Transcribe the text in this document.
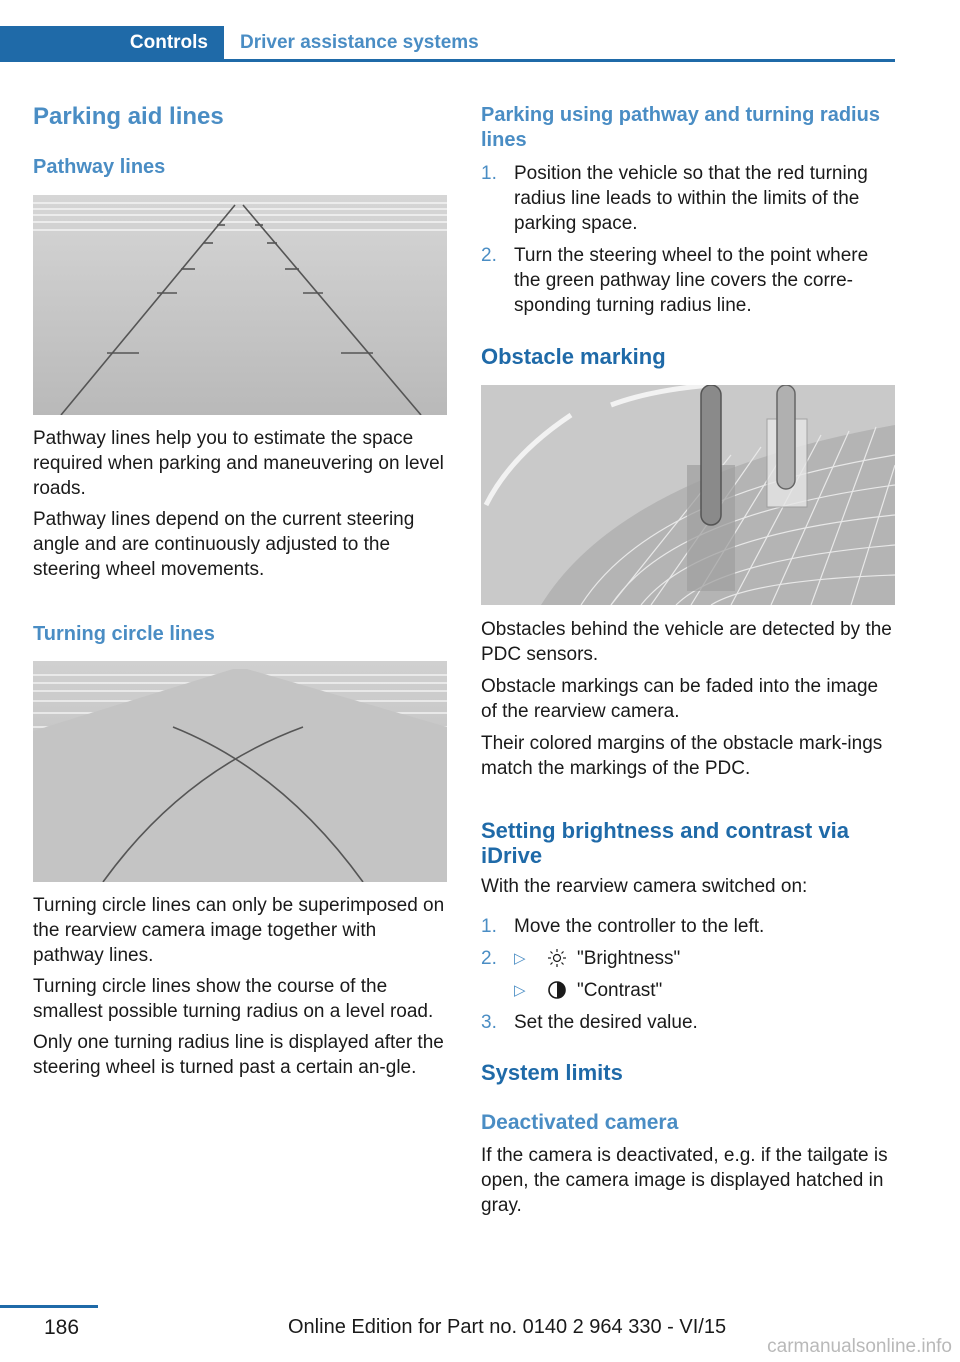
Controls	Driver assistance systems
Parking aid lines
Pathway lines

Pathway lines help you to estimate the space required when parking and maneuvering on level roads.

Pathway lines depend on the current steering angle and are continuously adjusted to the steering wheel movements.

Turning circle lines

Turning circle lines can only be superimposed on the rearview camera image together with pathway lines.

Turning circle lines show the course of the smallest possible turning radius on a level road.

Only one turning radius line is displayed after the steering wheel is turned past a certain an-gle.

Parking using pathway and turning radius lines
1. Position the vehicle so that the red turning radius line leads to within the limits of the parking space.
2. Turn the steering wheel to the point where the green pathway line covers the corre-sponding turning radius line.
Obstacle marking

Obstacles behind the vehicle are detected by the PDC sensors.

Obstacle markings can be faded into the image of the rearview camera.

Their colored margins of the obstacle mark-ings match the markings of the PDC.

Setting brightness and contrast via iDrive

With the rearview camera switched on:

1. Move the controller to the left.
2. ▷	"Brightness"
▷	"Contrast"
3. Set the desired value.
System limits
Deactivated camera

If the camera is deactivated, e.g. if the tailgate is open, the camera image is displayed hatched in gray.

186	Online Edition for Part no. 0140 2 964 330 - VI/15
carmanualsonline.info
